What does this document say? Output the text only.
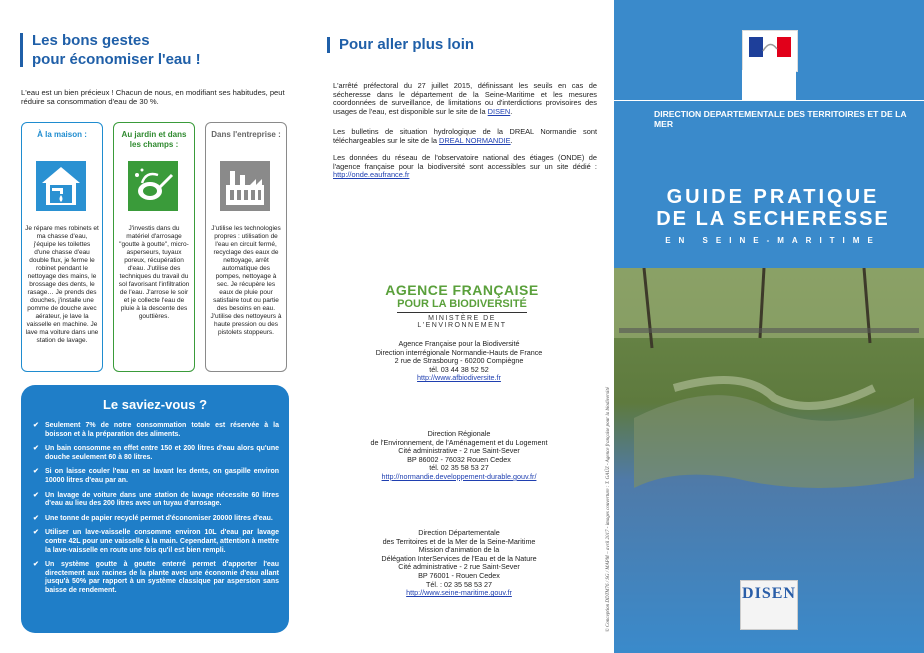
Les bons gestes
pour économiser l'eau !
L'eau est un bien précieux ! Chacun de nous, en modifiant ses habitudes, peut réduire sa consommation d'eau de 30 %.
À la maison :
Je répare mes robinets et ma chasse d'eau, j'équipe les toilettes d'une chasse d'eau double flux, je ferme le robinet pendant le nettoyage des mains, le brossage des dents, le rasage… Je prends des douches, j'installe une pomme de douche avec aérateur, je lave la vaisselle en machine. Je lave ma voiture dans une station de lavage.
Au jardin et dans les champs :
J'investis dans du matériel d'arrosage "goutte à goutte", micro-asperseurs, tuyaux poreux, récupération d'eau. J'utilise des techniques du travail du sol favorisant l'infiltration de l'eau. J'arrose le soir et je collecte l'eau de pluie à la descente des gouttières.
Dans l'entreprise :
J'utilise les technologies propres : utilisation de l'eau en circuit fermé, recyclage des eaux de nettoyage, arrêt automatique des pompes, nettoyage à sec. Je récupère les eaux de pluie pour satisfaire tout ou partie des besoins en eau. J'utilise des nettoyeurs à haute pression ou des pistolets stoppeurs.
Le saviez-vous ?
✔ Seulement 7% de notre consommation totale est réservée à la boisson et à la préparation des aliments.
✔ Un bain consomme en effet entre 150 et 200 litres d'eau alors qu'une douche seulement 60 à 80 litres.
✔ Si on laisse couler l'eau en se lavant les dents, on gaspille environ 10000 litres d'eau par an.
✔ Un lavage de voiture dans une station de lavage nécessite 60 litres d'eau au lieu des 200 litres avec un tuyau d'arrosage.
✔ Une tonne de papier recyclé permet d'économiser 20000 litres d'eau.
✔ Utiliser un lave-vaisselle consomme environ 10L d'eau par lavage contre 42L pour une vaisselle à la main. Cependant, attention à mettre la lave-vaisselle en route une fois qu'il est bien rempli.
✔ Un système goutte à goutte enterré permet d'apporter l'eau directement aux racines de la plante avec une économie d'eau allant jusqu'à 50% par rapport à un système classique par aspersion sans baisse de rendement.
Pour aller plus loin
L'arrêté préfectoral du 27 juillet 2015, définissant les seuils en cas de sécheresse dans le département de la Seine-Maritime et les mesures coordonnées de surveillance, de limitations ou d'interdictions provisoires des usages de l'eau, est disponible sur le site de la DISEN.
Les bulletins de situation hydrologique de la DREAL Normandie sont téléchargeables sur le site de la DREAL NORMANDIE.
Les données du réseau de l'observatoire national des étiages (ONDE) de l'agence française pour la biodiversité sont accessibles sur un site dédié : http://onde.eaufrance.fr
AGENCE FRANÇAISE
POUR LA BIODIVERSITÉ
MINISTÈRE DE L'ENVIRONNEMENT
Agence Française pour la Biodiversité
Direction interrégionale Normandie-Hauts de France
2 rue de Strasbourg - 60200 Compiègne
tél. 03 44 38 52 52
http://www.afbiodiversite.fr
Direction Régionale
de l'Environnement, de l'Aménagement et du Logement
Cité administrative - 2 rue Saint-Sever
BP 86002 - 76032 Rouen Cedex
tél. 02 35 58 53 27
http://normandie.developpement-durable.gouv.fr/
Direction Départementale
des Territoires et de la Mer de la Seine-Maritime
Mission d'animation de la
Délégation InterServices de l'Eau et de la Nature
Cité administrative - 2 rue Saint-Sever
BP 76001 - Rouen Cedex
Tél. : 02 35 58 53 27
http://www.seine-maritime.gouv.fr	© Conception DDTM76 / SG / MAPM – avril 2017 - images couverture : T. GAÜZ - Agence française pour la biodiversité
DIRECTION DEPARTEMENTALE DES TERRITOIRES ET DE LA MER
GUIDE PRATIQUE
DE LA SECHERESSE
EN SEINE-MARITIME
DISEN
